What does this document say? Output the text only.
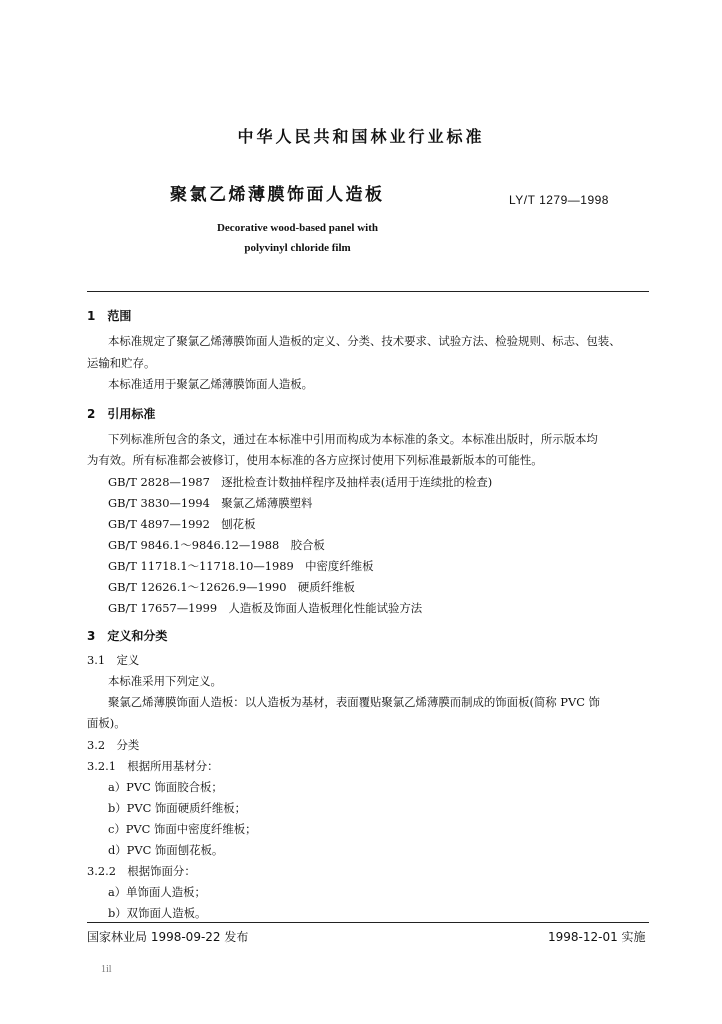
中华人民共和国林业行业标准
聚氯乙烯薄膜饰面人造板	LY/T 1279—1998
Decorative wood-based panel with
polyvinyl chloride film
1　范围
本标准规定了聚氯乙烯薄膜饰面人造板的定义、分类、技术要求、试验方法、检验规则、标志、包装、
运输和贮存。
本标准适用于聚氯乙烯薄膜饰面人造板。
2　引用标准
下列标准所包含的条文，通过在本标准中引用而构成为本标准的条文。本标准出版时，所示版本均
为有效。所有标准都会被修订，使用本标准的各方应探讨使用下列标准最新版本的可能性。
GB/T 2828—1987　逐批检查计数抽样程序及抽样表(适用于连续批的检查)
GB/T 3830—1994　聚氯乙烯薄膜塑料
GB/T 4897—1992　刨花板
GB/T 9846.1～9846.12—1988　胶合板
GB/T 11718.1～11718.10—1989　中密度纤维板
GB/T 12626.1～12626.9—1990　硬质纤维板
GB/T 17657—1999　人造板及饰面人造板理化性能试验方法
3　定义和分类
3.1　定义
本标准采用下列定义。
聚氯乙烯薄膜饰面人造板：以人造板为基材，表面覆贴聚氯乙烯薄膜而制成的饰面板(简称 PVC 饰
面板)。
3.2　分类
3.2.1　根据所用基材分：
a）PVC 饰面胶合板；
b）PVC 饰面硬质纤维板；
c）PVC 饰面中密度纤维板；
d）PVC 饰面刨花板。
3.2.2　根据饰面分：
a）单饰面人造板；
b）双饰面人造板。
国家林业局 1998-09-22 发布	1998-12-01 实施
1il
